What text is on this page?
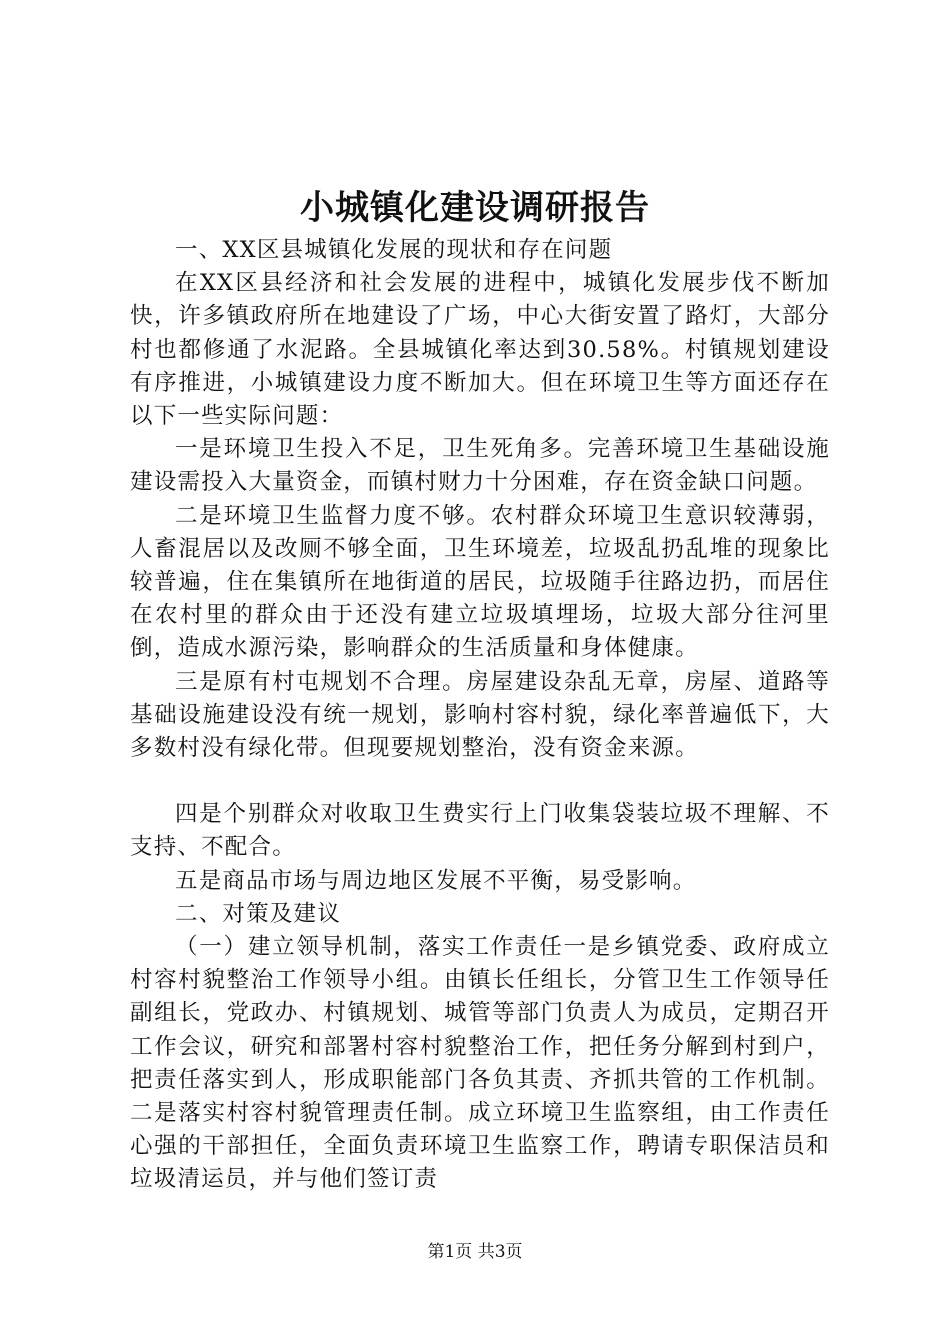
小城镇化建设调研报告

一、XX区县城镇化发展的现状和存在问题

在XX区县经济和社会发展的进程中，城镇化发展步伐不断加快，许多镇政府所在地建设了广场，中心大街安置了路灯，大部分村也都修通了水泥路。全县城镇化率达到30.58%。村镇规划建设有序推进，小城镇建设力度不断加大。但在环境卫生等方面还存在以下一些实际问题：

一是环境卫生投入不足，卫生死角多。完善环境卫生基础设施建设需投入大量资金，而镇村财力十分困难，存在资金缺口问题。

二是环境卫生监督力度不够。农村群众环境卫生意识较薄弱，人畜混居以及改厕不够全面，卫生环境差，垃圾乱扔乱堆的现象比较普遍，住在集镇所在地街道的居民，垃圾随手往路边扔，而居住在农村里的群众由于还没有建立垃圾填埋场，垃圾大部分往河里倒，造成水源污染，影响群众的生活质量和身体健康。

三是原有村屯规划不合理。房屋建设杂乱无章，房屋、道路等基础设施建设没有统一规划，影响村容村貌，绿化率普遍低下，大多数村没有绿化带。但现要规划整治，没有资金来源。

四是个别群众对收取卫生费实行上门收集袋装垃圾不理解、不支持、不配合。

五是商品市场与周边地区发展不平衡，易受影响。

二、对策及建议

（一）建立领导机制，落实工作责任一是乡镇党委、政府成立村容村貌整治工作领导小组。由镇长任组长，分管卫生工作领导任副组长，党政办、村镇规划、城管等部门负责人为成员，定期召开工作会议，研究和部署村容村貌整治工作，把任务分解到村到户，把责任落实到人，形成职能部门各负其责、齐抓共管的工作机制。二是落实村容村貌管理责任制。成立环境卫生监察组，由工作责任心强的干部担任，全面负责环境卫生监察工作，聘请专职保洁员和垃圾清运员，并与他们签订责

第1页 共3页
